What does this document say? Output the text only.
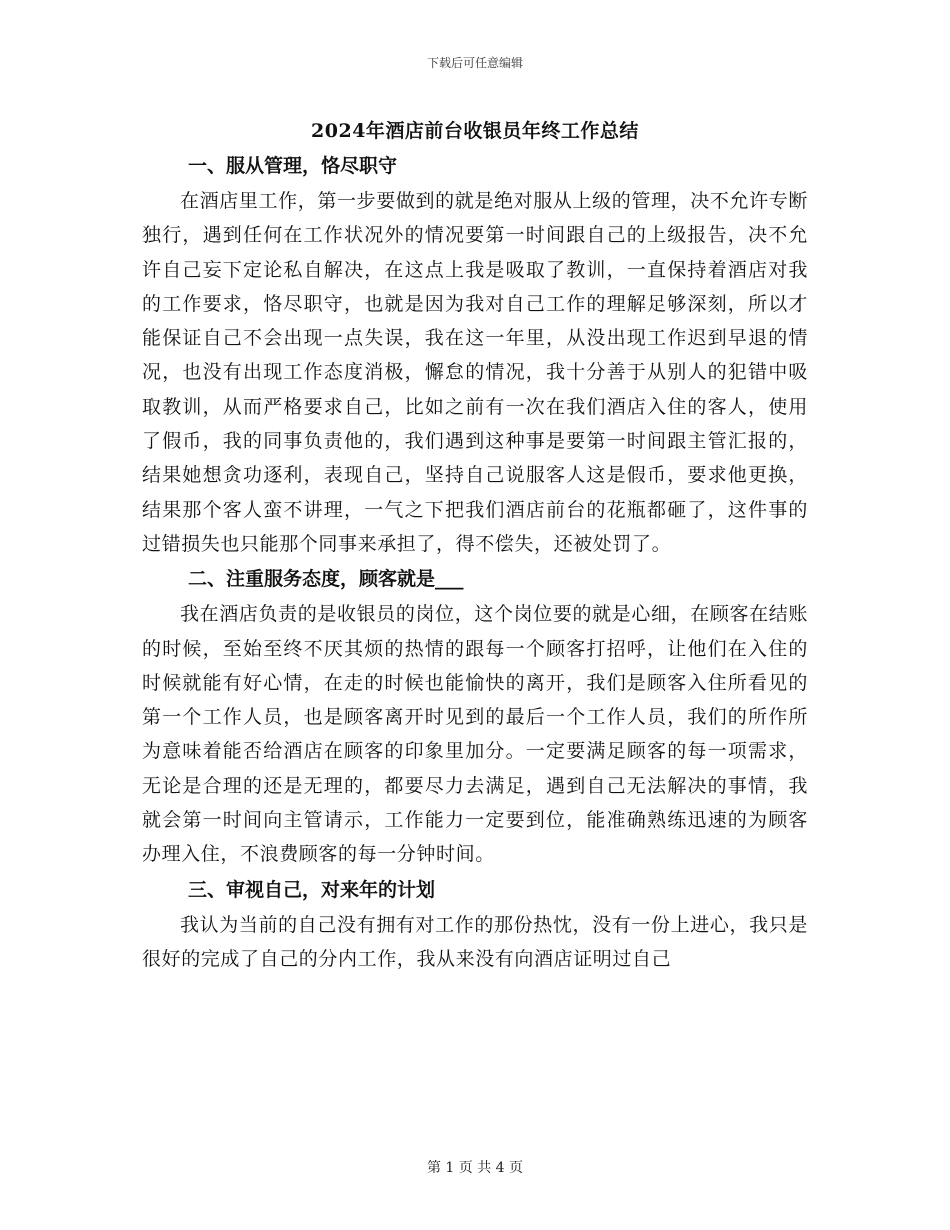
下载后可任意编辑
2024年酒店前台收银员年终工作总结
一、服从管理，恪尽职守

在酒店里工作，第一步要做到的就是绝对服从上级的管理，决不允许专断独行，遇到任何在工作状况外的情况要第一时间跟自己的上级报告，决不允许自己妄下定论私自解决，在这点上我是吸取了教训，一直保持着酒店对我的工作要求，恪尽职守，也就是因为我对自己工作的理解足够深刻，所以才能保证自己不会出现一点失误，我在这一年里，从没出现工作迟到早退的情况，也没有出现工作态度消极，懈怠的情况，我十分善于从别人的犯错中吸取教训，从而严格要求自己，比如之前有一次在我们酒店入住的客人，使用了假币，我的同事负责他的，我们遇到这种事是要第一时间跟主管汇报的，结果她想贪功逐利，表现自己，坚持自己说服客人这是假币，要求他更换，结果那个客人蛮不讲理，一气之下把我们酒店前台的花瓶都砸了，这件事的过错损失也只能那个同事来承担了，得不偿失，还被处罚了。

二、注重服务态度，顾客就是___

我在酒店负责的是收银员的岗位，这个岗位要的就是心细，在顾客在结账的时候，至始至终不厌其烦的热情的跟每一个顾客打招呼，让他们在入住的时候就能有好心情，在走的时候也能愉快的离开，我们是顾客入住所看见的第一个工作人员，也是顾客离开时见到的最后一个工作人员，我们的所作所为意味着能否给酒店在顾客的印象里加分。一定要满足顾客的每一项需求，无论是合理的还是无理的，都要尽力去满足，遇到自己无法解决的事情，我就会第一时间向主管请示，工作能力一定要到位，能准确熟练迅速的为顾客办理入住，不浪费顾客的每一分钟时间。

三、审视自己，对来年的计划

我认为当前的自己没有拥有对工作的那份热忱，没有一份上进心，我只是很好的完成了自己的分内工作，我从来没有向酒店证明过自己

第 1 页 共 4 页
